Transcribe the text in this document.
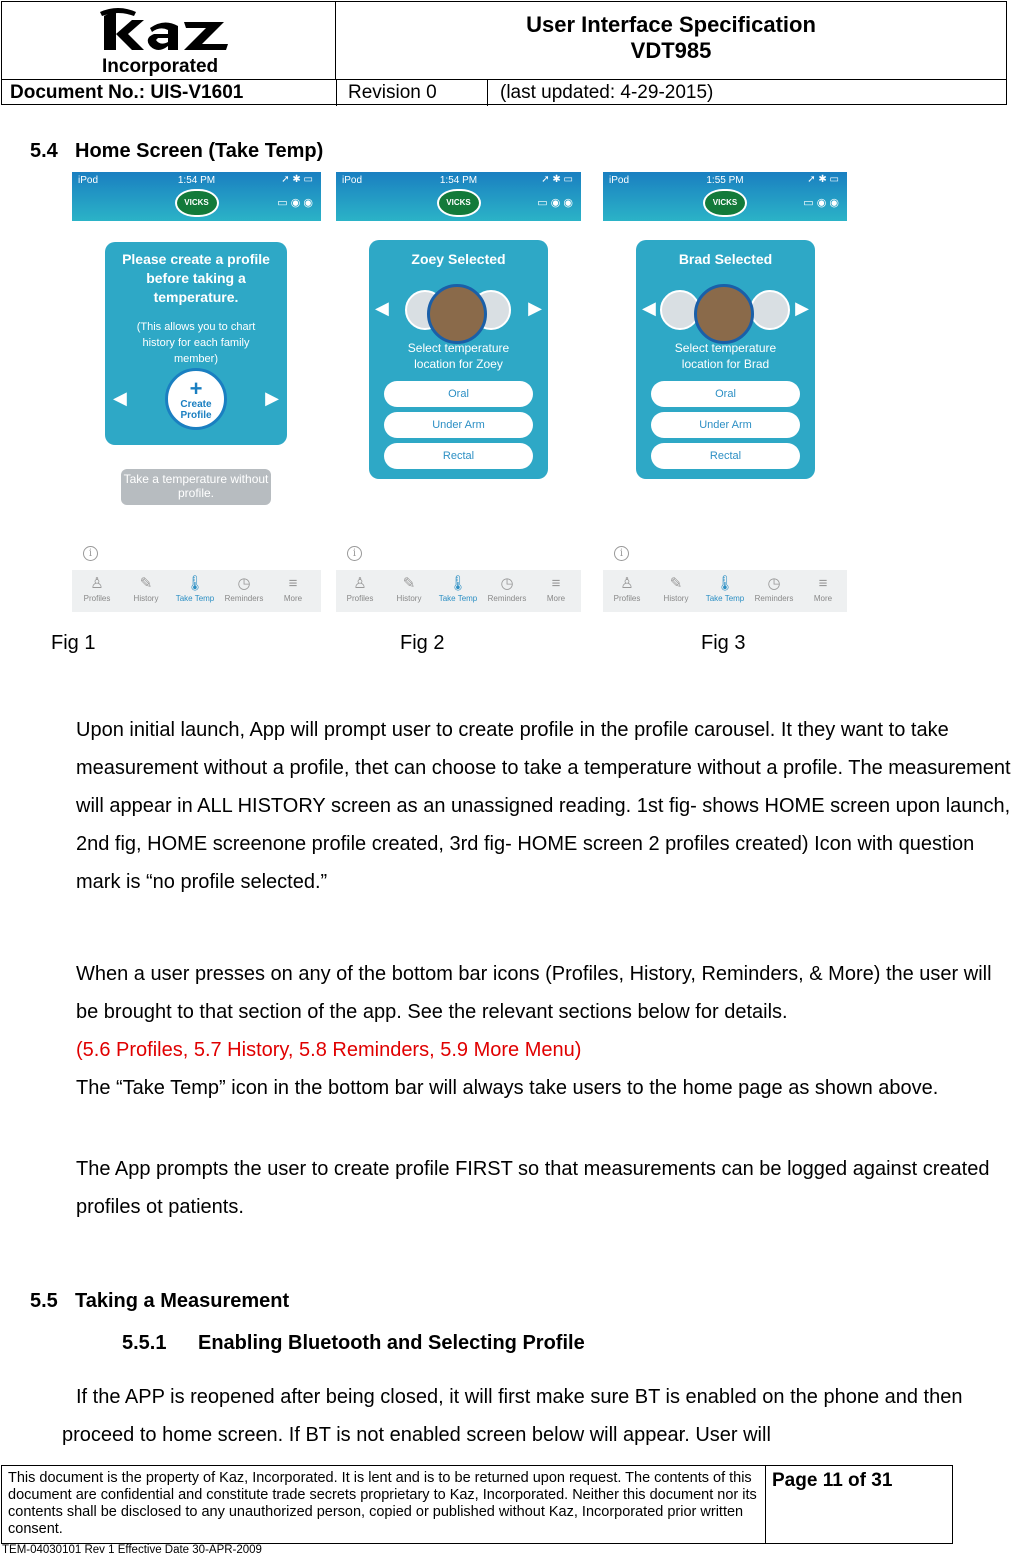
Incorporated
User Interface Specification
VDT985
Document No.: UIS-V1601	Revision 0	(last updated: 4-29-2015)
5.4 Home Screen (Take Temp)
iPod	1:54 PM	➚ ✱ ▭
▭ ◉ ◉
VICKS
Please create a profile before taking a temperature.
(This allows you to chart history for each family member)
◀	▶
+
Create Profile
Take a temperature without profile.
i
♙
Profiles
✎
History
🌡
Take Temp
◷
Reminders
≡
More
iPod	1:54 PM	➚ ✱ ▭
▭ ◉ ◉
VICKS
Zoey Selected
◀	▶
Select temperature location for Zoey
Oral
Under Arm
Rectal
i
♙
Profiles
✎
History
🌡
Take Temp
◷
Reminders
≡
More
iPod	1:55 PM	➚ ✱ ▭
▭ ◉ ◉
VICKS
Brad Selected
◀	▶
Select temperature location for Brad
Oral
Under Arm
Rectal
i
♙
Profiles
✎
History
🌡
Take Temp
◷
Reminders
≡
More
Fig 1	Fig 2	Fig 3
Upon initial launch, App will prompt user to create profile in the profile carousel. It they want to take measurement without a profile, thet can choose to take a temperature without a profile. The measurement will appear in ALL HISTORY screen as an unassigned reading. 1st fig- shows HOME screen upon launch, 2nd fig, HOME screenone profile created, 3rd fig- HOME screen 2 profiles created) Icon with question mark is “no profile selected.”
When a user presses on any of the bottom bar icons (Profiles, History, Reminders, & More) the user will be brought to that section of the app. See the relevant sections below for details.
(5.6 Profiles, 5.7 History, 5.8 Reminders, 5.9 More Menu)
The “Take Temp” icon in the bottom bar will always take users to the home page as shown above.
The App prompts the user to create profile FIRST so that measurements can be logged against created profiles ot patients.
5.5 Taking a Measurement
5.5.1 Enabling Bluetooth and Selecting Profile
If the APP is reopened after being closed, it will first make sure BT is enabled on the phone and then proceed to home screen. If BT is not enabled screen below will appear. User will
This document is the property of Kaz, Incorporated. It is lent and is to be returned upon request. The contents of this document are confidential and constitute trade secrets proprietary to Kaz, Incorporated. Neither this document nor its contents shall be disclosed to any unauthorized person, copied or published without Kaz, Incorporated prior written consent.
Page 11 of 31
TEM-04030101 Rev 1 Effective Date 30-APR-2009
